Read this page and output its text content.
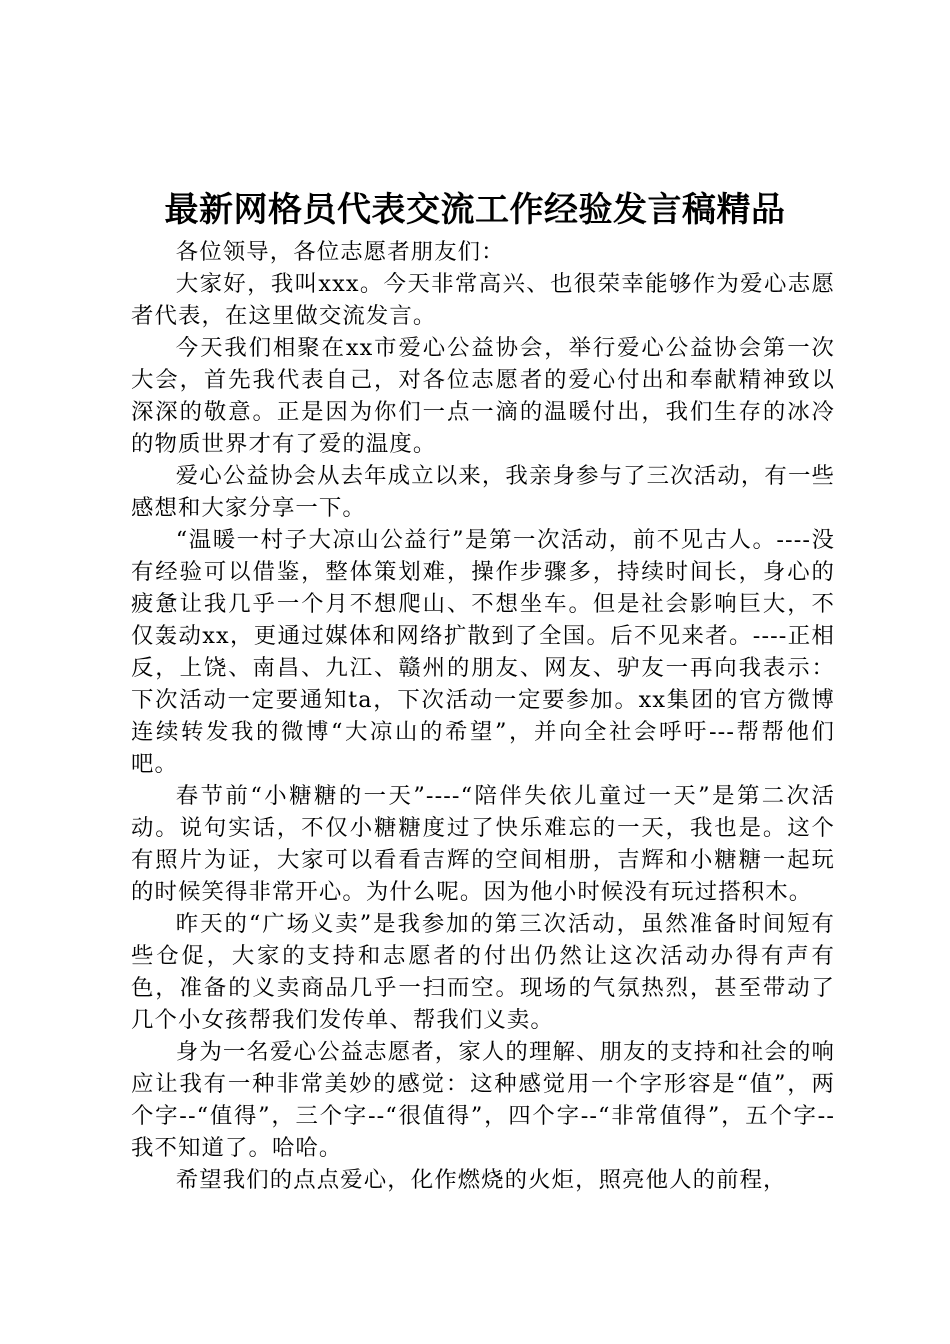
最新网格员代表交流工作经验发言稿精品

各位领导，各位志愿者朋友们：

大家好，我叫xxx。今天非常高兴、也很荣幸能够作为爱心志愿者代表，在这里做交流发言。

今天我们相聚在xx市爱心公益协会，举行爱心公益协会第一次大会，首先我代表自己，对各位志愿者的爱心付出和奉献精神致以深深的敬意。正是因为你们一点一滴的温暖付出，我们生存的冰冷的物质世界才有了爱的温度。

爱心公益协会从去年成立以来，我亲身参与了三次活动，有一些感想和大家分享一下。

“温暖一村子大凉山公益行”是第一次活动，前不见古人。----没有经验可以借鉴，整体策划难，操作步骤多，持续时间长，身心的疲惫让我几乎一个月不想爬山、不想坐车。但是社会影响巨大，不仅轰动xx，更通过媒体和网络扩散到了全国。后不见来者。----正相反，上饶、南昌、九江、赣州的朋友、网友、驴友一再向我表示：下次活动一定要通知ta，下次活动一定要参加。xx集团的官方微博连续转发我的微博“大凉山的希望”，并向全社会呼吁---帮帮他们吧。

春节前“小糖糖的一天”----“陪伴失依儿童过一天”是第二次活动。说句实话，不仅小糖糖度过了快乐难忘的一天，我也是。这个有照片为证，大家可以看看吉辉的空间相册，吉辉和小糖糖一起玩的时候笑得非常开心。为什么呢。因为他小时候没有玩过搭积木。

昨天的“广场义卖”是我参加的第三次活动，虽然准备时间短有些仓促，大家的支持和志愿者的付出仍然让这次活动办得有声有色，准备的义卖商品几乎一扫而空。现场的气氛热烈，甚至带动了几个小女孩帮我们发传单、帮我们义卖。

身为一名爱心公益志愿者，家人的理解、朋友的支持和社会的响应让我有一种非常美妙的感觉：这种感觉用一个字形容是“值”，两个字--“值得”，三个字--“很值得”，四个字--“非常值得”，五个字--我不知道了。哈哈。

希望我们的点点爱心，化作燃烧的火炬，照亮他人的前程，
